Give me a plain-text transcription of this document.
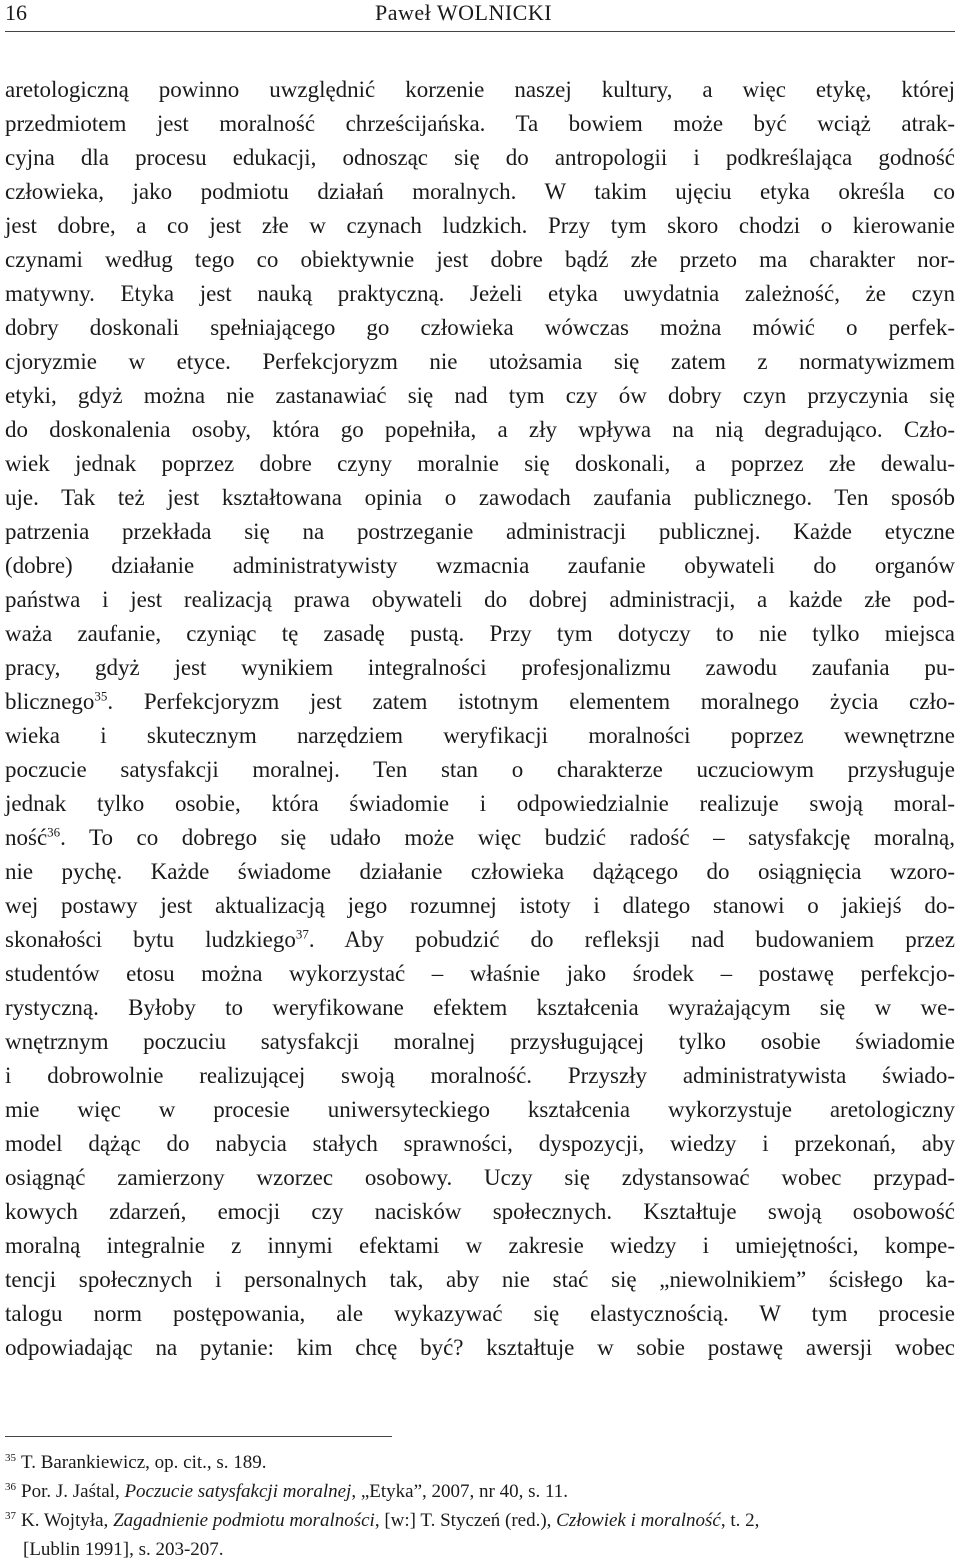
16	Paweł WOLNICKI
aretologiczną powinno uwzględnić korzenie naszej kultury, a więc etykę, której
przedmiotem jest moralność chrześcijańska. Ta bowiem może być wciąż atrak-
cyjna dla procesu edukacji, odnosząc się do antropologii i podkreślająca godność
człowieka, jako podmiotu działań moralnych. W takim ujęciu etyka określa co
jest dobre, a co jest złe w czynach ludzkich. Przy tym skoro chodzi o kierowanie
czynami według tego co obiektywnie jest dobre bądź złe przeto ma charakter nor-
matywny. Etyka jest nauką praktyczną. Jeżeli etyka uwydatnia zależność, że czyn
dobry doskonali spełniającego go człowieka wówczas można mówić o perfek-
cjoryzmie w etyce. Perfekcjoryzm nie utożsamia się zatem z normatywizmem
etyki, gdyż można nie zastanawiać się nad tym czy ów dobry czyn przyczynia się
do doskonalenia osoby, która go popełniła, a zły wpływa na nią degradująco. Czło-
wiek jednak poprzez dobre czyny moralnie się doskonali, a poprzez złe dewalu-
uje. Tak też jest kształtowana opinia o zawodach zaufania publicznego. Ten sposób
patrzenia przekłada się na postrzeganie administracji publicznej. Każde etyczne
(dobre) działanie administratywisty wzmacnia zaufanie obywateli do organów
państwa i jest realizacją prawa obywateli do dobrej administracji, a każde złe pod-
waża zaufanie, czyniąc tę zasadę pustą. Przy tym dotyczy to nie tylko miejsca
pracy, gdyż jest wynikiem integralności profesjonalizmu zawodu zaufania pu-
blicznego$^{35}$. Perfekcjoryzm jest zatem istotnym elementem moralnego życia czło-
wieka i skutecznym narzędziem weryfikacji moralności poprzez wewnętrzne
poczucie satysfakcji moralnej. Ten stan o charakterze uczuciowym przysługuje
jednak tylko osobie, która świadomie i odpowiedzialnie realizuje swoją moral-
ność$^{36}$. To co dobrego się udało może więc budzić radość – satysfakcję moralną,
nie pychę. Każde świadome działanie człowieka dążącego do osiągnięcia wzoro-
wej postawy jest aktualizacją jego rozumnej istoty i dlatego stanowi o jakiejś do-
skonałości bytu ludzkiego$^{37}$. Aby pobudzić do refleksji nad budowaniem przez
studentów etosu można wykorzystać – właśnie jako środek – postawę perfekcjo-
rystyczną. Byłoby to weryfikowane efektem kształcenia wyrażającym się w we-
wnętrznym poczuciu satysfakcji moralnej przysługującej tylko osobie świadomie
i dobrowolnie realizującej swoją moralność. Przyszły administratywista świado-
mie więc w procesie uniwersyteckiego kształcenia wykorzystuje aretologiczny
model dążąc do nabycia stałych sprawności, dyspozycji, wiedzy i przekonań, aby
osiągnąć zamierzony wzorzec osobowy. Uczy się zdystansować wobec przypad-
kowych zdarzeń, emocji czy nacisków społecznych. Kształtuje swoją osobowość
moralną integralnie z innymi efektami w zakresie wiedzy i umiejętności, kompe-
tencji społecznych i personalnych tak, aby nie stać się „niewolnikiem” ścisłego ka-
talogu norm postępowania, ale wykazywać się elastycznością. W tym procesie
odpowiadając na pytanie: kim chcę być? kształtuje w sobie postawę awersji wobec
$^{35}$ T. Barankiewicz, op. cit., s. 189.
$^{36}$ Por. J. Jaśtal, Poczucie satysfakcji moralnej, „Etyka”, 2007, nr 40, s. 11.
$^{37}$ K. Wojtyła, Zagadnienie podmiotu moralności, [w:] T. Styczeń (red.), Człowiek i moralność, t. 2,
[Lublin 1991], s. 203-207.
